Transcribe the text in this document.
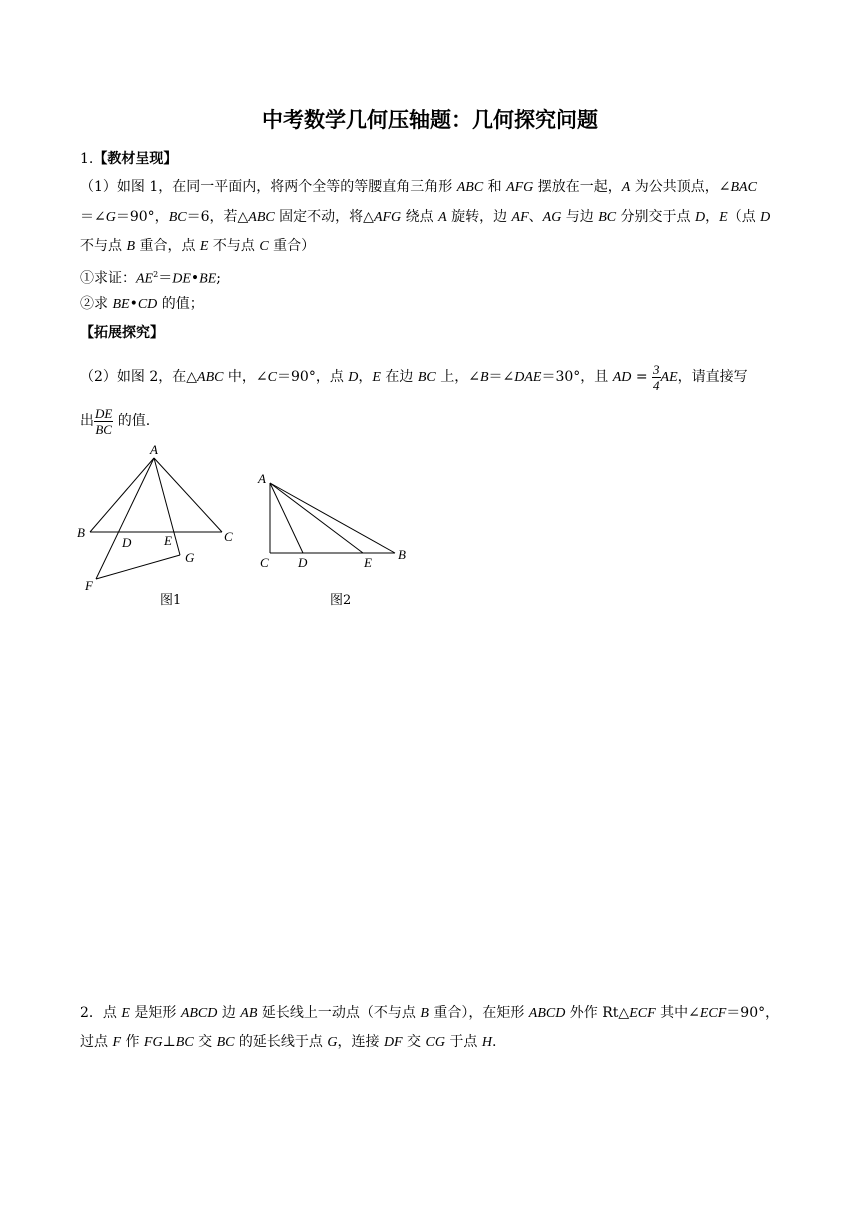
中考数学几何压轴题：几何探究问题
1.【教材呈现】
（1）如图 1，在同一平面内，将两个全等的等腰直角三角形 ABC 和 AFG 摆放在一起，A 为公共顶点，∠BAC
＝∠G＝90°，BC＝6，若△ABC 固定不动，将△AFG 绕点 A 旋转，边 AF、AG 与边 BC 分别交于点 D，E（点 D
不与点 B 重合，点 E 不与点 C 重合）
①求证：$AE^2=DE•BE$;
②求 BE•CD 的值；
【拓展探究】
（2）如图 2，在△ABC 中，∠C＝90°，点 D，E 在边 BC 上，∠B＝∠DAE＝30°，且 AD = $\frac{3}{4}$ AE，请直接写
出 $\frac{DE}{BC}$ 的值.
A
B	C
D	E
F
G
图1
A
C D	E
B
图2
2．点 E 是矩形 ABCD 边 AB 延长线上一动点（不与点 B 重合），在矩形 ABCD 外作 Rt△ECF 其中∠ECF＝90°，
过点 F 作 FG⊥BC 交 BC 的延长线于点 G，连接 DF 交 CG 于点 H.
